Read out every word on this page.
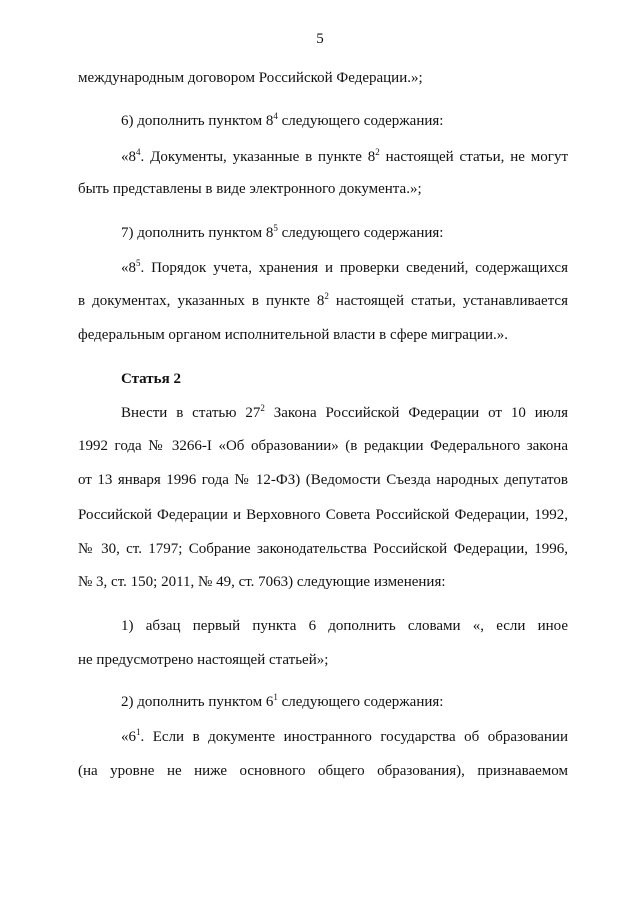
5
международным договором Российской Федерации.»;
6) дополнить пунктом $8^4$ следующего содержания:
«$8^4$. Документы, указанные в пункте $8^2$ настоящей статьи, не могут
быть представлены в виде электронного документа.»;
7) дополнить пунктом $8^5$ следующего содержания:
«$8^5$. Порядок учета, хранения и проверки сведений, содержащихся
в документах, указанных в пункте $8^2$ настоящей статьи, устанавливается
федеральным органом исполнительной власти в сфере миграции.».
Статья 2
Внести в статью $27^2$ Закона Российской Федерации от 10 июля
1992 года № 3266-I «Об образовании» (в редакции Федерального закона
от 13 января 1996 года № 12-ФЗ) (Ведомости Съезда народных депутатов
Российской Федерации и Верховного Совета Российской Федерации, 1992,
№ 30, ст. 1797; Собрание законодательства Российской Федерации, 1996,
№ 3, ст. 150; 2011, № 49, ст. 7063) следующие изменения:
1) абзац первый пункта 6 дополнить словами «, если иное
не предусмотрено настоящей статьей»;
2) дополнить пунктом $6^1$ следующего содержания:
«$6^1$. Если в документе иностранного государства об образовании
(на уровне не ниже основного общего образования), признаваемом
